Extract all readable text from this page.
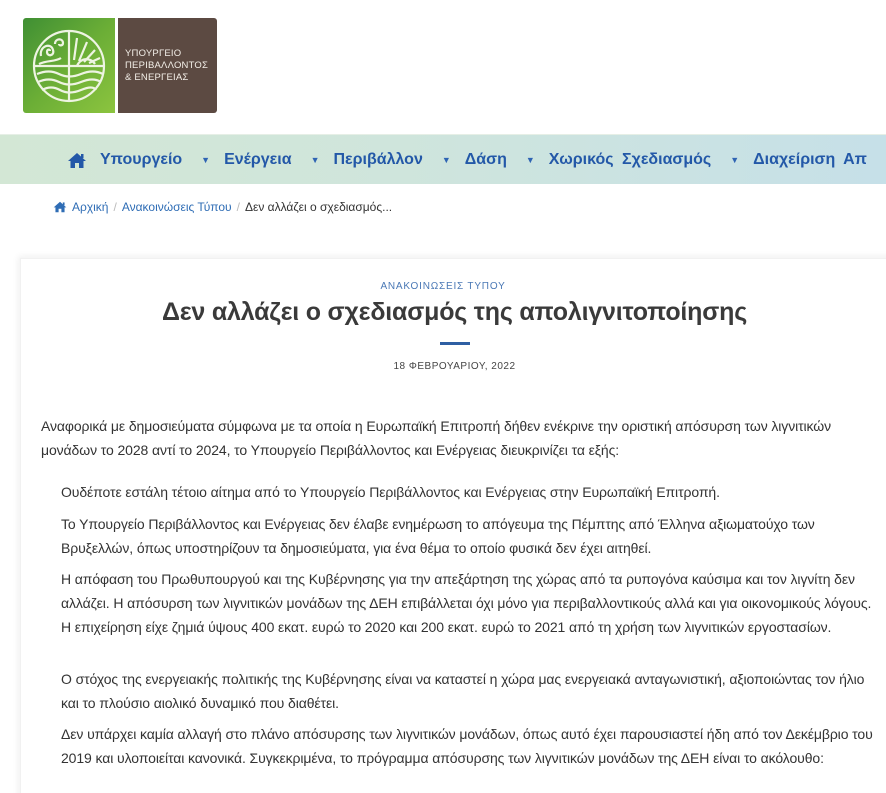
ΥΠΟΥΡΓΕΙΟ
ΠΕΡΙΒΑΛΛΟΝΤΟΣ
& ΕΝΕΡΓΕΙΑΣ
Υπουργείο ▼ Ενέργεια ▼ Περιβάλλον ▼ Δάση ▼ Χωρικός Σχεδιασμός ▼ Διαχείριση Απ
Αρχική / Ανακοινώσεις Τύπου / Δεν αλλάζει ο σχεδιασμός...
ΑΝΑΚΟΙΝΩΣΕΙΣ ΤΥΠΟΥ
Δεν αλλάζει ο σχεδιασμός της απολιγνιτοποίησης
18 ΦΕΒΡΟΥΑΡΙΟΥ, 2022

Αναφορικά με δημοσιεύματα σύμφωνα με τα οποία η Ευρωπαϊκή Επιτροπή δήθεν ενέκρινε την οριστική απόσυρση των λιγνιτικών μονάδων το 2028 αντί το 2024, το Υπουργείο Περιβάλλοντος και Ενέργειας διευκρινίζει τα εξής:

Ουδέποτε εστάλη τέτοιο αίτημα από το Υπουργείο Περιβάλλοντος και Ενέργειας στην Ευρωπαϊκή Επιτροπή.

Το Υπουργείο Περιβάλλοντος και Ενέργειας δεν έλαβε ενημέρωση το απόγευμα της Πέμπτης από Έλληνα αξιωματούχο των Βρυξελλών, όπως υποστηρίζουν τα δημοσιεύματα, για ένα θέμα το οποίο φυσικά δεν έχει αιτηθεί.

Η απόφαση του Πρωθυπουργού και της Κυβέρνησης για την απεξάρτηση της χώρας από τα ρυπογόνα καύσιμα και τον λιγνίτη δεν αλλάζει. Η απόσυρση των λιγνιτικών μονάδων της ΔΕΗ επιβάλλεται όχι μόνο για περιβαλλοντικούς αλλά και για οικονομικούς λόγους. Η επιχείρηση είχε ζημιά ύψους 400 εκατ. ευρώ το 2020 και 200 εκατ. ευρώ το 2021 από τη χρήση των λιγνιτικών εργοστασίων.

Ο στόχος της ενεργειακής πολιτικής της Κυβέρνησης είναι να καταστεί η χώρα μας ενεργειακά ανταγωνιστική, αξιοποιώντας τον ήλιο και το πλούσιο αιολικό δυναμικό που διαθέτει.

Δεν υπάρχει καμία αλλαγή στο πλάνο απόσυρσης των λιγνιτικών μονάδων, όπως αυτό έχει παρουσιαστεί ήδη από τον Δεκέμβριο του 2019 και υλοποιείται κανονικά. Συγκεκριμένα, το πρόγραμμα απόσυρσης των λιγνιτικών μονάδων της ΔΕΗ είναι το ακόλουθο:
